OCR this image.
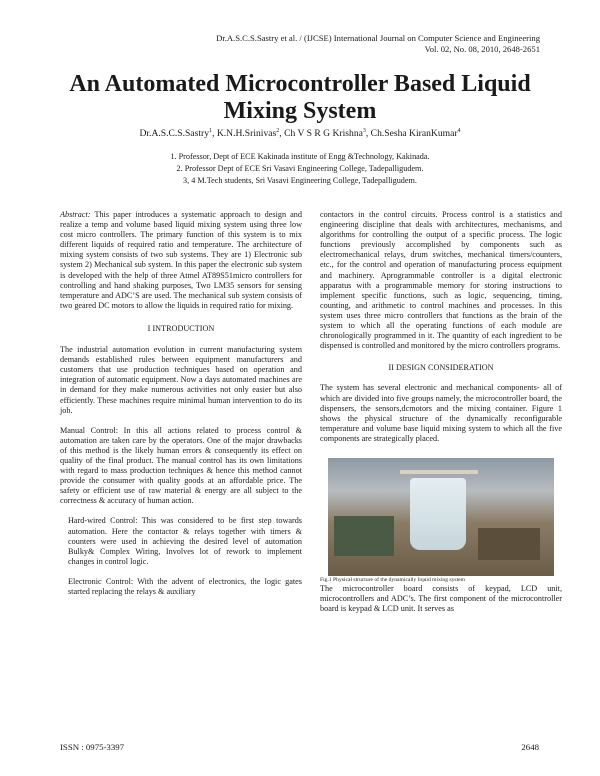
Dr.A.S.C.S.Sastry et al. / (IJCSE) International Journal on Computer Science and Engineering
Vol. 02, No. 08, 2010, 2648-2651
An Automated Microcontroller Based Liquid
Mixing System
Dr.A.S.C.S.Sastry$^1$, K.N.H.Srinivas$^2$, Ch V S R G Krishna$^3$, Ch.Sesha KiranKumar$^4$
1. Professor, Dept of ECE Kakinada institute of Engg &Technology, Kakinada.
2. Professor Dept of ECE Sri Vasavi Engineering College, Tadepalligudem.
3, 4 M.Tech students, Sri Vasavi Engineering College, Tadepalligudem.

Abstract: This paper introduces a systematic approach to design and realize a temp and volume based liquid mixing system using three low cost micro controllers. The primary function of this system is to mix different liquids of required ratio and temperature. The architecture of mixing system consists of two sub systems. They are 1) Electronic sub system 2) Mechanical sub system. In this paper the electronic sub system is developed with the help of three Atmel AT89S51micro controllers for controlling and hand shaking purposes, Two LM35 sensors for sensing temperature and ADC’S are used. The mechanical sub system consists of two geared DC motors to allow the liquids in required ratio for mixing.

I INTRODUCTION

The industrial automation evolution in current manufacturing system demands established rules between equipment manufacturers and customers that use production techniques based on operation and integration of automatic equipment. Now a days automated machines are in demand for they make numerous activities not only easier but also efficiently. These machines require minimal human intervention to do its job.

Manual Control: In this all actions related to process control & automation are taken care by the operators. One of the major drawbacks of this method is the likely human errors & consequently its effect on quality of the final product. The manual control has its own limitations with regard to mass production techniques & hence this method cannot provide the consumer with quality goods at an affordable price. The safety or efficient use of raw material & energy are all subject to the correctness & accuracy of human action.

Hard-wired Control: This was considered to be first step towards automation. Here the contactor & relays together with timers & counters were used in achieving the desired level of automation Bulky& Complex Wiring, Involves lot of rework to implement changes in control logic.

Electronic Control: With the advent of electronics, the logic gates started replacing the relays & auxiliary

contactors in the control circuits. Process control is a statistics and engineering discipline that deals with architectures, mechanisms, and algorithms for controlling the output of a specific process. The logic functions previously accomplished by components such as electromechanical relays, drum switches, mechanical timers/counters, etc., for the control and operation of manufacturing process equipment and machinery. Aprogrammable controller is a digital electronic apparatus with a programmable memory for storing instructions to implement specific functions, such as logic, sequencing, timing, counting, and arithmetic to control machines and processes. In this system uses three micro controllers that functions as the brain of the system to which all the operating functions of each module are chronologically programmed in it. The quantity of each ingredient to be dispensed is controlled and monitored by the micro controllers programs.

II DESIGN CONSIDERATION

The system has several electronic and mechanical components- all of which are divided into five groups namely, the microcontroller board, the dispensers, the sensors,dcmotors and the mixing container. Figure 1 shows the physical structure of the dynamically reconfigurable temperature and volume base liquid mixing system to which all the five components are strategically placed.

Fig.1 Physical structure of the dynamically liquid mixing system

The microcontroller board consists of keypad, LCD unit, microcontrollers and ADC’s. The first component of the microcontroller board is keypad & LCD unit. It serves as

ISSN : 0975-3397	2648
